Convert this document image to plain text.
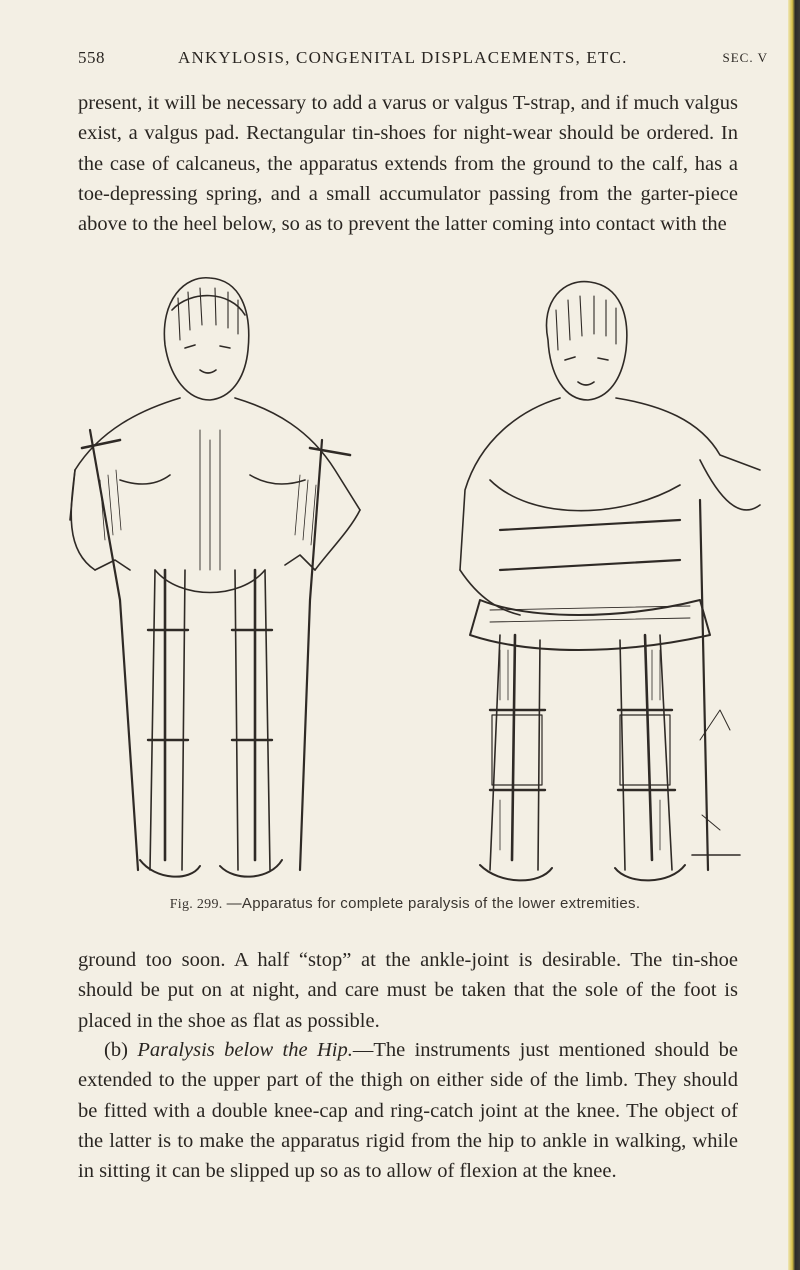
558	ANKYLOSIS, CONGENITAL DISPLACEMENTS, ETC.	SEC. V

present, it will be necessary to add a varus or valgus T-strap, and if much valgus exist, a valgus pad. Rectangular tin-shoes for night-wear should be ordered. In the case of calcaneus, the apparatus extends from the ground to the calf, has a toe-depressing spring, and a small accumulator passing from the garter-piece above to the heel below, so as to prevent the latter coming into contact with the

Fig. 299. —Apparatus for complete paralysis of the lower extremities.

ground too soon. A half “stop” at the ankle-joint is desirable. The tin-shoe should be put on at night, and care must be taken that the sole of the foot is placed in the shoe as flat as possible.

(b) Paralysis below the Hip.—The instruments just mentioned should be extended to the upper part of the thigh on either side of the limb. They should be fitted with a double knee-cap and ring-catch joint at the knee. The object of the latter is to make the apparatus rigid from the hip to ankle in walking, while in sitting it can be slipped up so as to allow of flexion at the knee.
